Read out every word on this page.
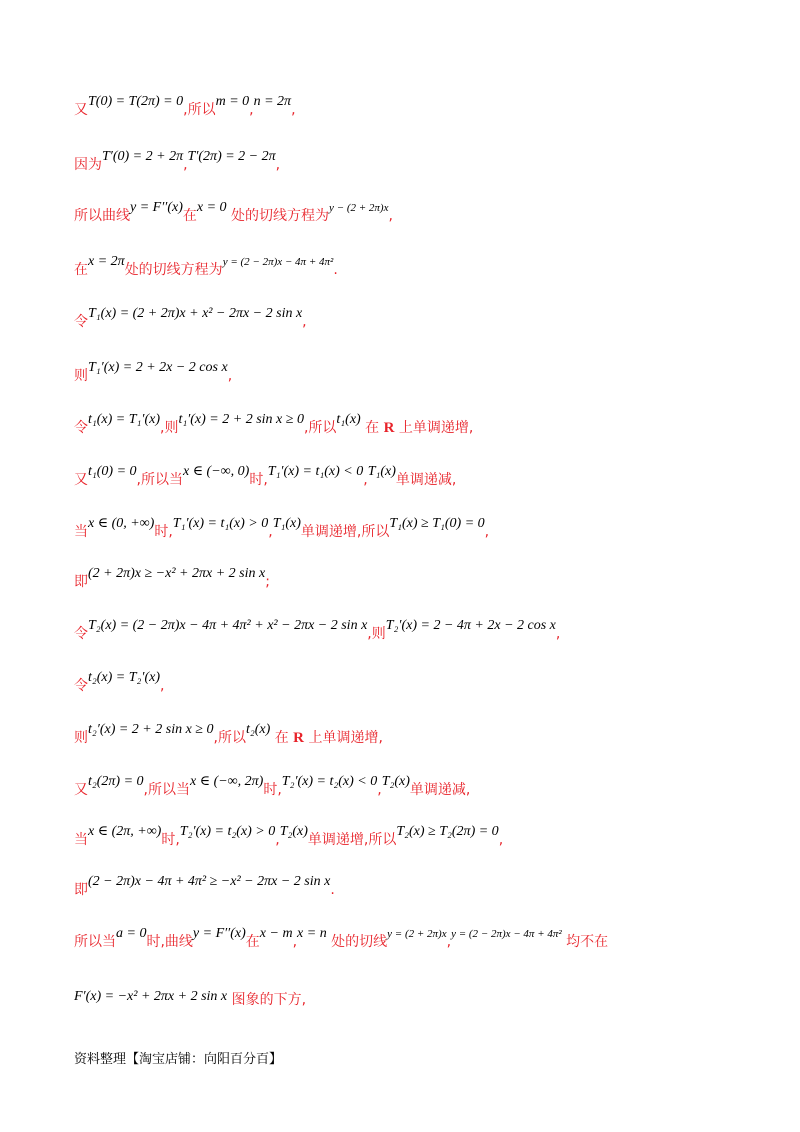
又T(0) = T(2π) = 0,所以m = 0,n = 2π,
因为T′(0) = 2 + 2π,T′(2π) = 2 − 2π,
所以曲线y = F′′(x)在x = 0 处的切线方程为$^{y - (2 + 2\pi)x}$,
在x = 2π处的切线方程为$^{y = (2 - 2\pi)x - 4\pi + 4\pi^2}$.
令T₁(x) = (2 + 2π)x + x² − 2πx − 2 sin x,
则T₁′(x) = 2 + 2x − 2 cos x,
令t₁(x) = T₁′(x),则t₁′(x) = 2 + 2 sin x ≥ 0,所以t₁(x) 在 R 上单调递增,
又t₁(0) = 0,所以当x ∈ (−∞, 0)时,T₁′(x) = t₁(x) < 0,T₁(x)单调递减,
当x ∈ (0, +∞)时,T₁′(x) = t₁(x) > 0,T₁(x)单调递增,所以T₁(x) ≥ T₁(0) = 0,
即(2 + 2π)x ≥ −x² + 2πx + 2 sin x;
令T₂(x) = (2 − 2π)x − 4π + 4π² + x² − 2πx − 2 sin x,则T₂′(x) = 2 − 4π + 2x − 2 cos x,
令t₂(x) = T₂′(x),
则t₂′(x) = 2 + 2 sin x ≥ 0,所以t₂(x) 在 R 上单调递增,
又t₂(2π) = 0,所以当x ∈ (−∞, 2π)时,T₂′(x) = t₂(x) < 0,T₂(x)单调递减,
当x ∈ (2π, +∞)时,T₂′(x) = t₂(x) > 0,T₂(x)单调递增,所以T₂(x) ≥ T₂(2π) = 0,
即(2 − 2π)x − 4π + 4π² ≥ −x² − 2πx − 2 sin x.
所以当a = 0时,曲线y = F′′(x)在x − m,x = n 处的切线$^{y = (2 + 2\pi)x}$,$^{y = (2 - 2\pi)x - 4\pi + 4\pi^2}$ 均不在
F′(x) = −x² + 2πx + 2 sin x 图象的下方,
资料整理【淘宝店铺：向阳百分百】
